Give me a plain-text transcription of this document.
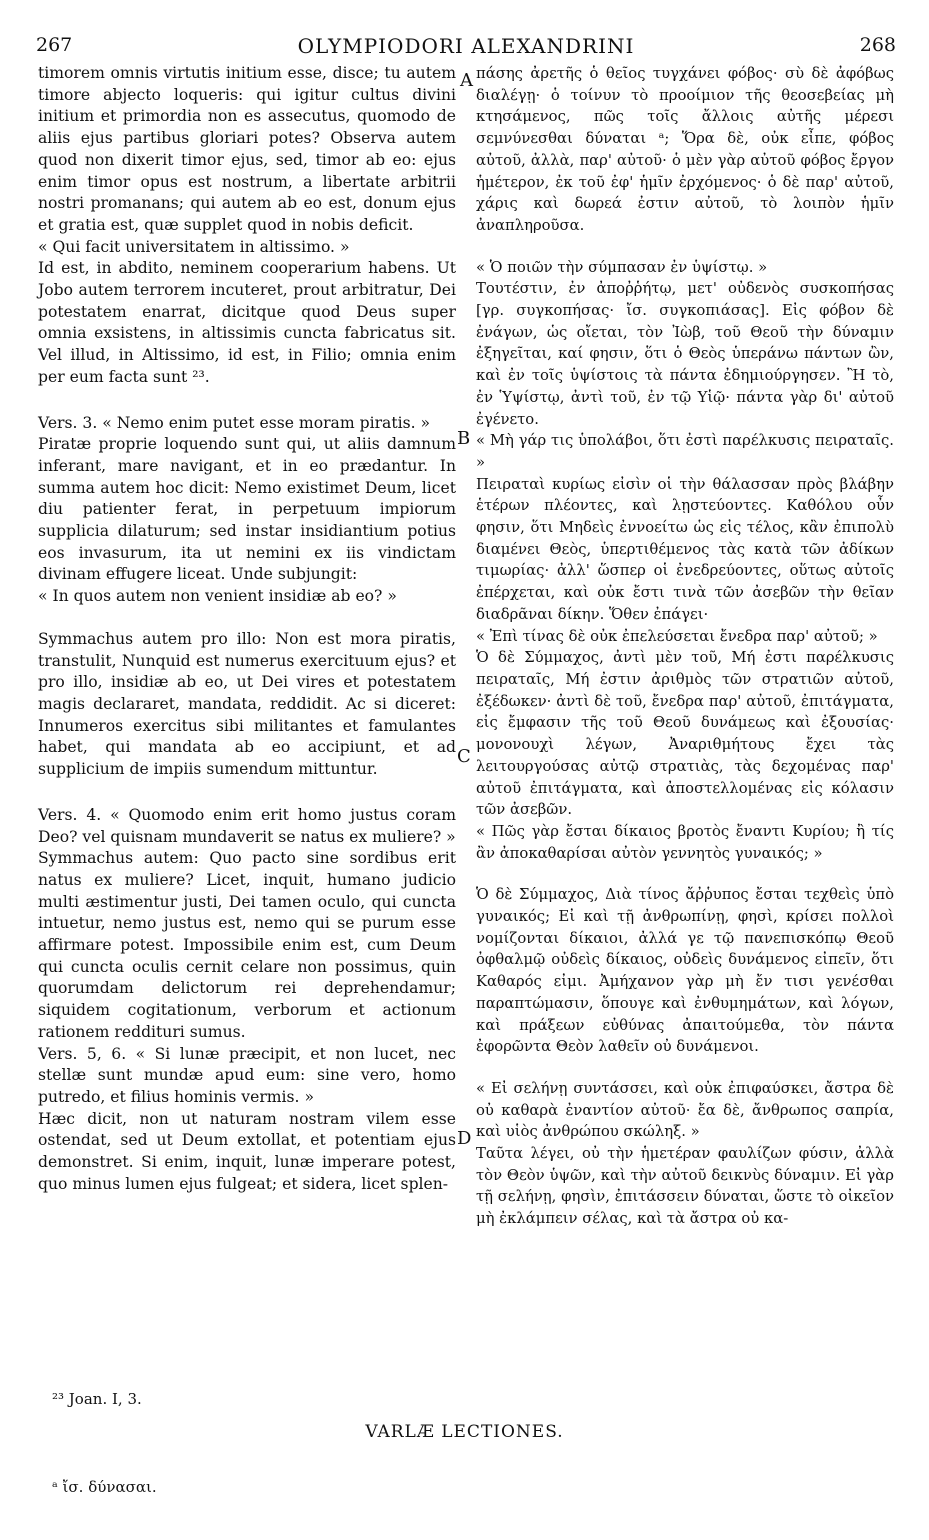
267	OLYMPIODORI ALEXANDRINI	268

timorem omnis virtutis initium esse, disce; tu autem timore abjecto loqueris: qui igitur cultus divini initium et primordia non es assecutus, quomodo de aliis ejus partibus gloriari potes? Observa autem quod non dixerit timor ejus, sed, timor ab eo: ejus enim timor opus est nostrum, a libertate arbitrii nostri promanans; qui autem ab eo est, donum ejus et gratia est, quæ supplet quod in nobis deficit.

« Qui facit universitatem in altissimo. »

Id est, in abdito, neminem cooperarium habens. Ut Jobo autem terrorem incuteret, prout arbitratur, Dei potestatem enarrat, dicitque quod Deus super omnia exsistens, in altissimis cuncta fabricatus sit. Vel illud, in Altissimo, id est, in Filio; omnia enim per eum facta sunt ²³.

Vers. 3. « Nemo enim putet esse moram piratis. »

Piratæ proprie loquendo sunt qui, ut aliis damnum inferant, mare navigant, et in eo prædantur. In summa autem hoc dicit: Nemo existimet Deum, licet diu patienter ferat, in perpetuum impiorum supplicia dilaturum; sed instar insidiantium potius eos invasurum, ita ut nemini ex iis vindictam divinam effugere liceat. Unde subjungit:

« In quos autem non venient insidiæ ab eo? »

Symmachus autem pro illo: Non est mora piratis, transtulit, Nunquid est numerus exercituum ejus? et pro illo, insidiæ ab eo, ut Dei vires et potestatem magis declararet, mandata, reddidit. Ac si diceret: Innumeros exercitus sibi militantes et famulantes habet, qui mandata ab eo accipiunt, et ad supplicium de impiis sumendum mittuntur.

Vers. 4. « Quomodo enim erit homo justus coram Deo? vel quisnam mundaverit se natus ex muliere? »

Symmachus autem: Quo pacto sine sordibus erit natus ex muliere? Licet, inquit, humano judicio multi æstimentur justi, Dei tamen oculo, qui cuncta intuetur, nemo justus est, nemo qui se purum esse affirmare potest. Impossibile enim est, cum Deum qui cuncta oculis cernit celare non possimus, quin quorumdam delictorum rei deprehendamur; siquidem cogitationum, verborum et actionum rationem reddituri sumus.

Vers. 5, 6. « Si lunæ præcipit, et non lucet, nec stellæ sunt mundæ apud eum: sine vero, homo putredo, et filius hominis vermis. »

Hæc dicit, non ut naturam nostram vilem esse ostendat, sed ut Deum extollat, et potentiam ejus demonstret. Si enim, inquit, lunæ imperare potest, quo minus lumen ejus fulgeat; et sidera, licet splen-

πάσης ἀρετῆς ὁ θεῖος τυγχάνει φόβος· σὺ δὲ ἀφόβως διαλέγῃ· ὁ τοίνυν τὸ προοίμιον τῆς θεοσεβείας μὴ κτησάμενος, πῶς τοῖς ἄλλοις αὐτῆς μέρεσι σεμνύνεσθαι δύναται ᵃ; Ὅρα δὲ, οὐκ εἶπε, φόβος αὐτοῦ, ἀλλὰ, παρ' αὐτοῦ· ὁ μὲν γὰρ αὐτοῦ φόβος ἔργον ἡμέτερον, ἐκ τοῦ ἐφ' ἡμῖν ἐρχόμενος· ὁ δὲ παρ' αὐτοῦ, χάρις καὶ δωρεά ἐστιν αὐτοῦ, τὸ λοιπὸν ἡμῖν ἀναπληροῦσα.

« Ὁ ποιῶν τὴν σύμπασαν ἐν ὑψίστῳ. »

Τουτέστιν, ἐν ἀποῤῥήτῳ, μετ' οὐδενὸς συσκοπήσας [γρ. συγκοπήσας· ἴσ. συγκοπιάσας]. Εἰς φόβον δὲ ἐνάγων, ὡς οἴεται, τὸν Ἰὼβ, τοῦ Θεοῦ τὴν δύναμιν ἐξηγεῖται, καί φησιν, ὅτι ὁ Θεὸς ὑπεράνω πάντων ὢν, καὶ ἐν τοῖς ὑψίστοις τὰ πάντα ἐδημιούργησεν. Ἢ τὸ, ἐν Ὑψίστῳ, ἀντὶ τοῦ, ἐν τῷ Υἱῷ· πάντα γὰρ δι' αὐτοῦ ἐγένετο.

« Μὴ γάρ τις ὑπολάβοι, ὅτι ἐστὶ παρέλκυσις πειραταῖς. »

Πειραταὶ κυρίως εἰσὶν οἱ τὴν θάλασσαν πρὸς βλάβην ἑτέρων πλέοντες, καὶ λῃστεύοντες. Καθόλου οὖν φησιν, ὅτι Μηδεὶς ἐννοείτω ὡς εἰς τέλος, κἂν ἐπιπολὺ διαμένει Θεὸς, ὑπερτιθέμενος τὰς κατὰ τῶν ἀδίκων τιμωρίας· ἀλλ' ὥσπερ οἱ ἐνεδρεύοντες, οὕτως αὐτοῖς ἐπέρχεται, καὶ οὐκ ἔστι τινὰ τῶν ἀσεβῶν τὴν θεῖαν διαδρᾶναι δίκην. Ὅθεν ἐπάγει·

« Ἐπὶ τίνας δὲ οὐκ ἐπελεύσεται ἔνεδρα παρ' αὐτοῦ; »

Ὁ δὲ Σύμμαχος, ἀντὶ μὲν τοῦ, Μή ἐστι παρέλκυσις πειραταῖς, Μή ἐστιν ἀριθμὸς τῶν στρατιῶν αὐτοῦ, ἐξέδωκεν· ἀντὶ δὲ τοῦ, ἔνεδρα παρ' αὐτοῦ, ἐπιτάγματα, εἰς ἔμφασιν τῆς τοῦ Θεοῦ δυνάμεως καὶ ἐξουσίας· μονονουχὶ λέγων, Ἀναριθμήτους ἔχει τὰς λειτουργούσας αὐτῷ στρατιὰς, τὰς δεχομένας παρ' αὐτοῦ ἐπιτάγματα, καὶ ἀποστελλομένας εἰς κόλασιν τῶν ἀσεβῶν.

« Πῶς γὰρ ἔσται δίκαιος βροτὸς ἔναντι Κυρίου; ἢ τίς ἂν ἀποκαθαρίσαι αὐτὸν γεννητὸς γυναικός; »

Ὁ δὲ Σύμμαχος, Διὰ τίνος ἄῤῥυπος ἔσται τεχθεὶς ὑπὸ γυναικός; Εἰ καὶ τῇ ἀνθρωπίνῃ, φησὶ, κρίσει πολλοὶ νομίζονται δίκαιοι, ἀλλά γε τῷ πανεπισκόπῳ Θεοῦ ὀφθαλμῷ οὐδεὶς δίκαιος, οὐδεὶς δυνάμενος εἰπεῖν, ὅτι Καθαρός εἰμι. Ἀμήχανον γὰρ μὴ ἔν τισι γενέσθαι παραπτώμασιν, ὅπουγε καὶ ἐνθυμημάτων, καὶ λόγων, καὶ πράξεων εὐθύνας ἀπαιτούμεθα, τὸν πάντα ἐφορῶντα Θεὸν λαθεῖν οὐ δυνάμενοι.

« Εἰ σελήνῃ συντάσσει, καὶ οὐκ ἐπιφαύσκει, ἄστρα δὲ οὐ καθαρὰ ἐναντίον αὐτοῦ· ἔα δὲ, ἄνθρωπος σαπρία, καὶ υἱὸς ἀνθρώπου σκώληξ. »

Ταῦτα λέγει, οὐ τὴν ἡμετέραν φαυλίζων φύσιν, ἀλλὰ τὸν Θεὸν ὑψῶν, καὶ τὴν αὐτοῦ δεικνὺς δύναμιν. Εἰ γὰρ τῇ σελήνῃ, φησὶν, ἐπιτάσσειν δύναται, ὥστε τὸ οἰκεῖον μὴ ἐκλάμπειν σέλας, καὶ τὰ ἄστρα οὐ κα-

A
B
C
D
²³ Joan. I, 3.
VARLÆ LECTIONES.
ᵃ ἴσ. δύνασαι.
